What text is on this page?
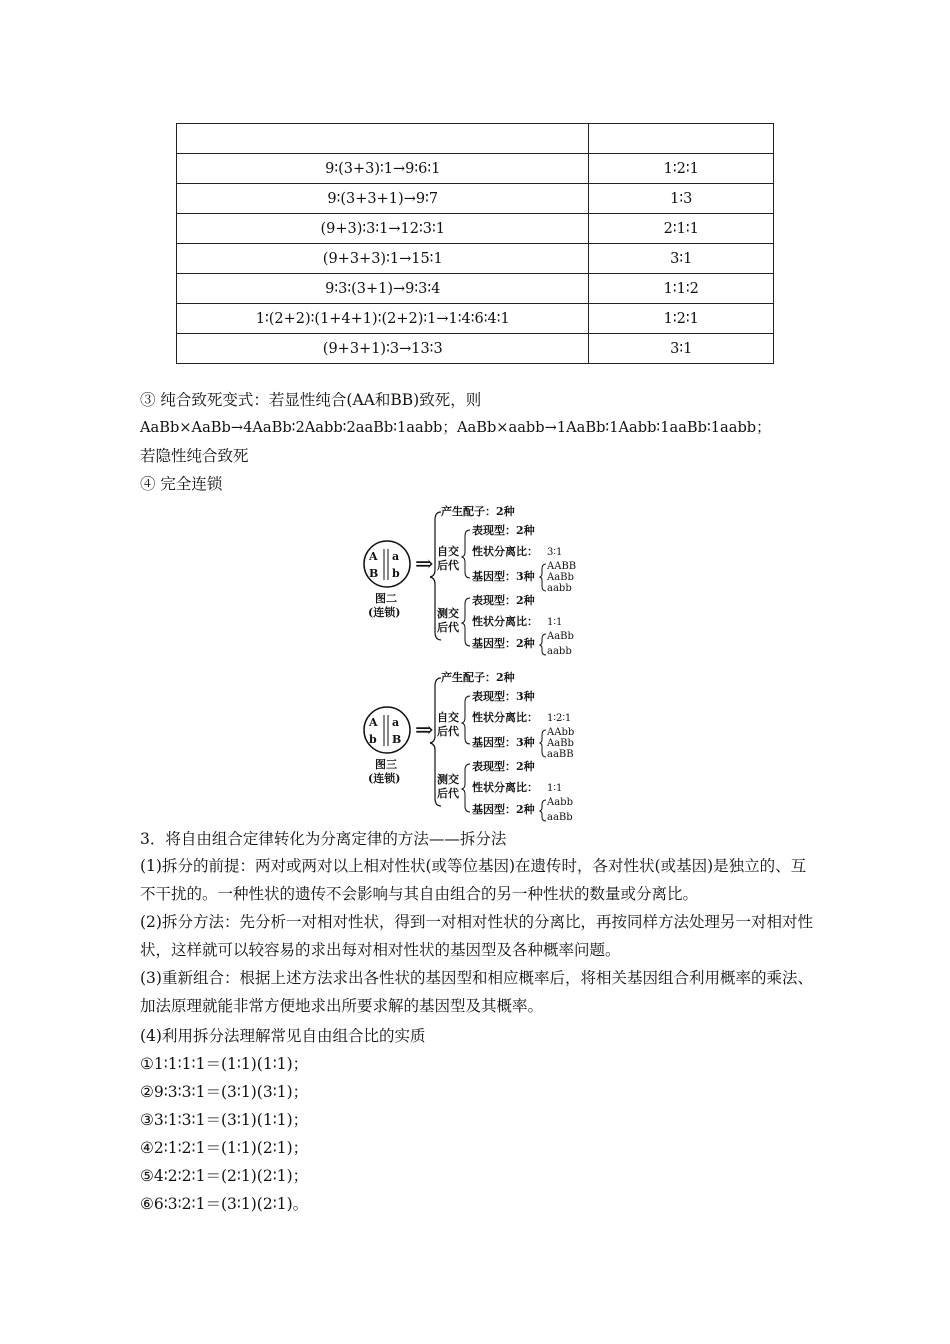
9∶(3+3)∶1→9∶6∶1	1∶2∶1
9∶(3+3+1)→9∶7	1∶3
(9+3)∶3∶1→12∶3∶1	2∶1∶1
(9+3+3)∶1→15∶1	3∶1
9∶3∶(3+1)→9∶3∶4	1∶1∶2
1∶(2+2)∶(1+4+1)∶(2+2)∶1→1∶4∶6∶4∶1	1∶2∶1
(9+3+1)∶3→13∶3	3∶1
③ 纯合致死变式：若显性纯合(AA和BB)致死，则
AaBb×AaBb→4AaBb∶2Aabb∶2aaBb∶1aabb；AaBb×aabb→1AaBb∶1Aabb∶1aaBb∶1aabb；
若隐性纯合致死
④ 完全连锁
A a
B b
图二
(连锁)
⇒
产生配子：2种
自交
后代
表现型：2种
性状分离比： 3∶1
基因型：3种
AABB
AaBb
aabb
测交
后代
表现型：2种
性状分离比： 1∶1
基因型：2种
AaBb
aabb
A a
b B
图三
(连锁)
⇒
产生配子：2种
自交
后代
表现型：3种
性状分离比： 1∶2∶1
基因型：3种
AAbb
AaBb
aaBB
测交
后代
表现型：2种
性状分离比： 1∶1
基因型：2种
Aabb
aaBb
3．将自由组合定律转化为分离定律的方法——拆分法
(1)拆分的前提：两对或两对以上相对性状(或等位基因)在遗传时，各对性状(或基因)是独立的、互不干扰的。一种性状的遗传不会影响与其自由组合的另一种性状的数量或分离比。
(2)拆分方法：先分析一对相对性状，得到一对相对性状的分离比，再按同样方法处理另一对相对性状，这样就可以较容易的求出每对相对性状的基因型及各种概率问题。
(3)重新组合：根据上述方法求出各性状的基因型和相应概率后，将相关基因组合利用概率的乘法、加法原理就能非常方便地求出所要求解的基因型及其概率。
(4)利用拆分法理解常见自由组合比的实质
①1∶1∶1∶1＝(1∶1)(1∶1)；
②9∶3∶3∶1＝(3∶1)(3∶1)；
③3∶1∶3∶1＝(3∶1)(1∶1)；
④2∶1∶2∶1＝(1∶1)(2∶1)；
⑤4∶2∶2∶1＝(2∶1)(2∶1)；
⑥6∶3∶2∶1＝(3∶1)(2∶1)。
